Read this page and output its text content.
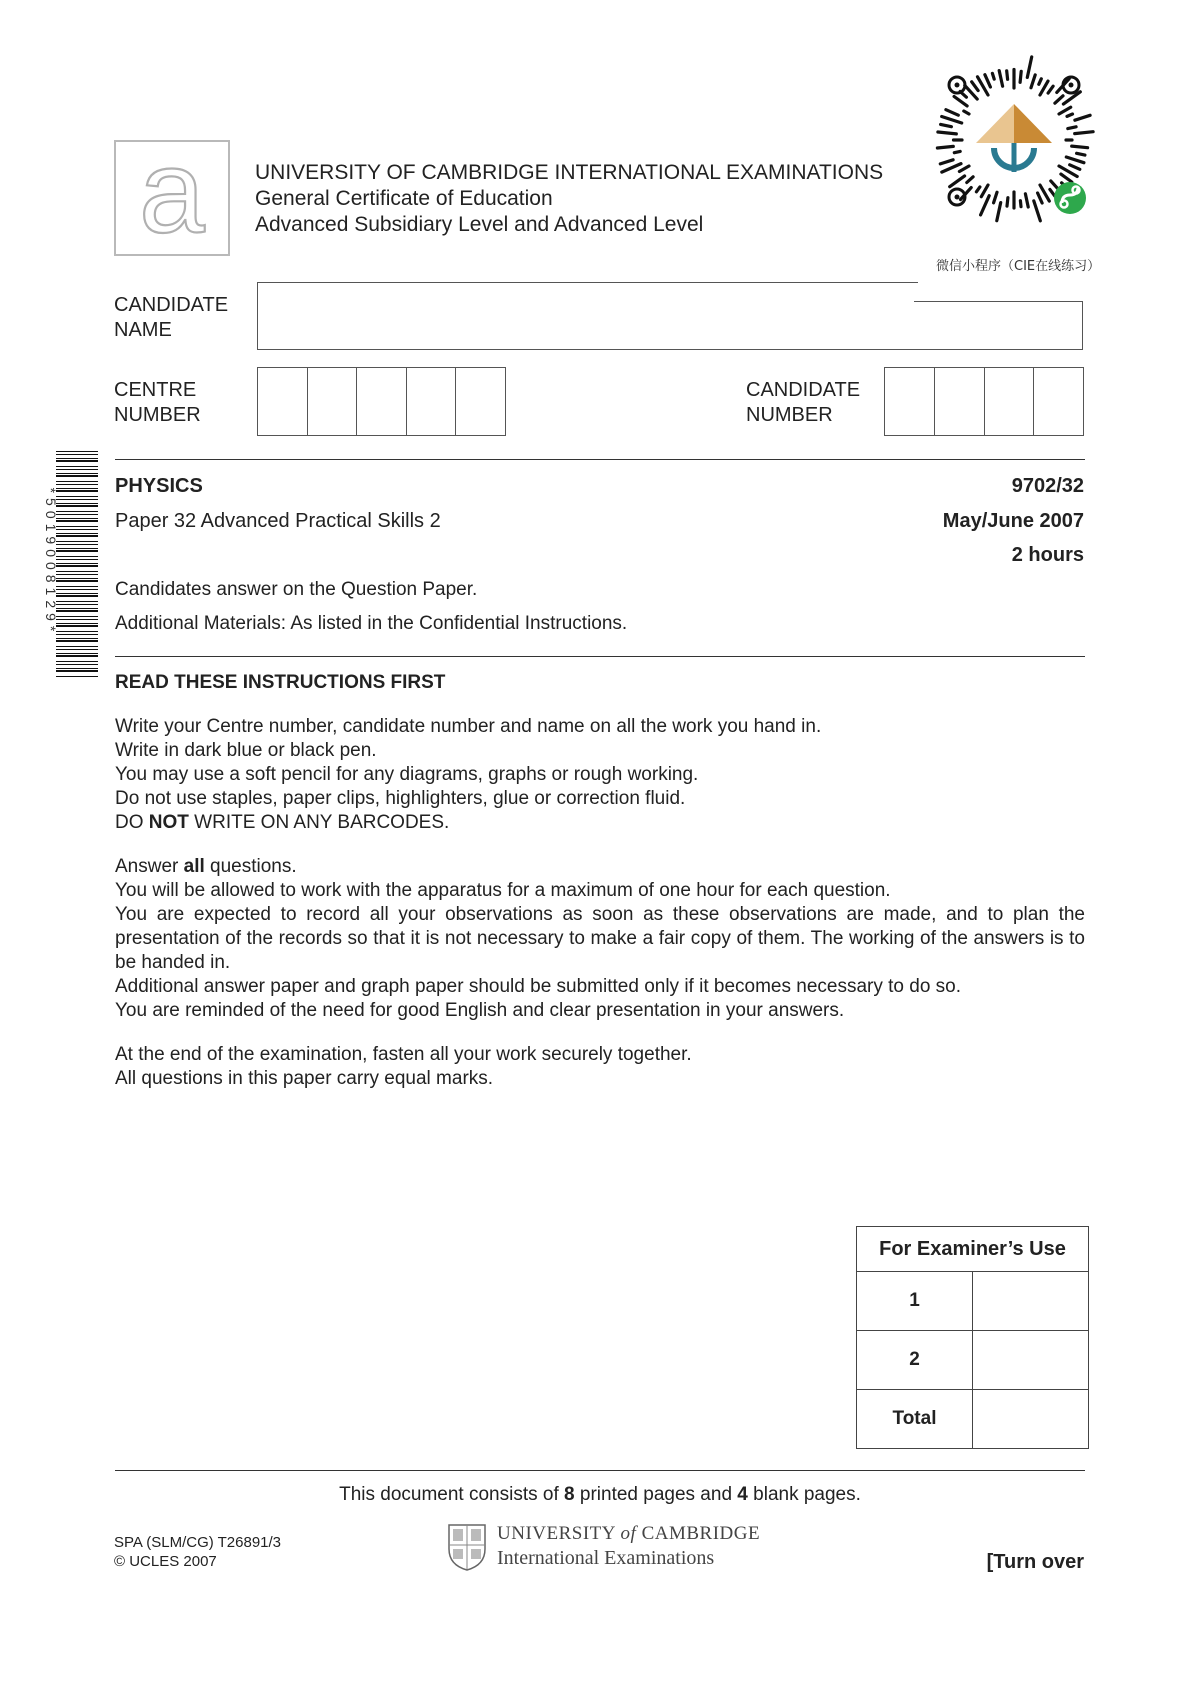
a UNIVERSITY OF CAMBRIDGE INTERNATIONAL EXAMINATIONS
General Certificate of Education
Advanced Subsidiary Level and Advanced Level
微信小程序（CIE在线练习）
CANDIDATE
NAME
CENTRE
NUMBER
CANDIDATE
NUMBER
*5019008129*
PHYSICS	9702/32
Paper 32 Advanced Practical Skills 2	May/June 2007
2 hours
Candidates answer on the Question Paper.
Additional Materials: As listed in the Confidential Instructions.
READ THESE INSTRUCTIONS FIRST
Write your Centre number, candidate number and name on all the work you hand in.
Write in dark blue or black pen.
You may use a soft pencil for any diagrams, graphs or rough working.
Do not use staples, paper clips, highlighters, glue or correction fluid.
DO NOT WRITE ON ANY BARCODES.
Answer all questions.
You will be allowed to work with the apparatus for a maximum of one hour for each question.
You are expected to record all your observations as soon as these observations are made, and to plan the presentation of the records so that it is not necessary to make a fair copy of them. The working of the answers is to be handed in.
Additional answer paper and graph paper should be submitted only if it becomes necessary to do so.
You are reminded of the need for good English and clear presentation in your answers.
At the end of the examination, fasten all your work securely together.
All questions in this paper carry equal marks.
For Examiner’s Use	
1	
2	
Total	
This document consists of 8 printed pages and 4 blank pages.
SPA (SLM/CG) T26891/3
© UCLES 2007
UNIVERSITY of CAMBRIDGE
International Examinations	[Turn over
